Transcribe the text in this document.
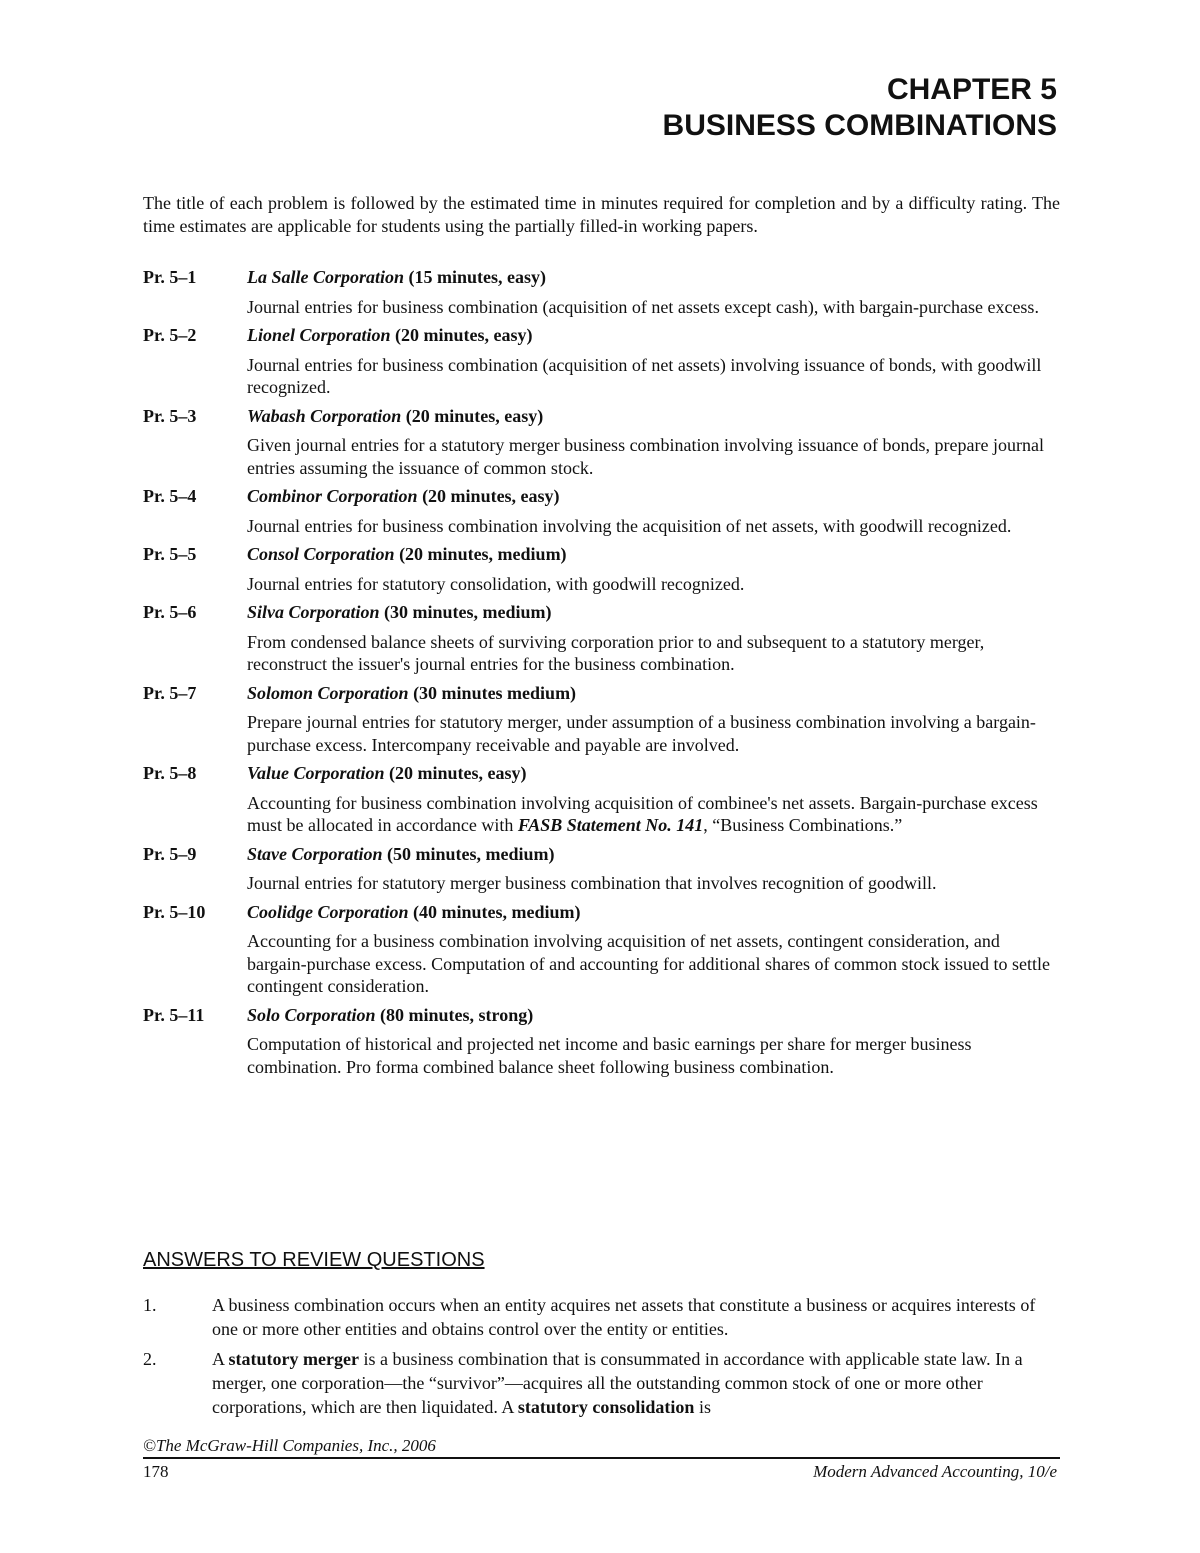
CHAPTER 5
BUSINESS COMBINATIONS
The title of each problem is followed by the estimated time in minutes required for completion and by a difficulty rating. The time estimates are applicable for students using the partially filled-in working papers.
Pr. 5–1	La Salle Corporation (15 minutes, easy)
Journal entries for business combination (acquisition of net assets except cash), with bargain-purchase excess.
Pr. 5–2	Lionel Corporation (20 minutes, easy)
Journal entries for business combination (acquisition of net assets) involving issuance of bonds, with goodwill recognized.
Pr. 5–3	Wabash Corporation (20 minutes, easy)
Given journal entries for a statutory merger business combination involving issuance of bonds, prepare journal entries assuming the issuance of common stock.
Pr. 5–4	Combinor Corporation (20 minutes, easy)
Journal entries for business combination involving the acquisition of net assets, with goodwill recognized.
Pr. 5–5	Consol Corporation (20 minutes, medium)
Journal entries for statutory consolidation, with goodwill recognized.
Pr. 5–6	Silva Corporation (30 minutes, medium)
From condensed balance sheets of surviving corporation prior to and subsequent to a statutory merger, reconstruct the issuer's journal entries for the business combination.
Pr. 5–7	Solomon Corporation (30 minutes medium)
Prepare journal entries for statutory merger, under assumption of a business combination involving a bargain-purchase excess. Intercompany receivable and payable are involved.
Pr. 5–8	Value Corporation (20 minutes, easy)
Accounting for business combination involving acquisition of combinee's net assets. Bargain-purchase excess must be allocated in accordance with FASB Statement No. 141, “Business Combinations.”
Pr. 5–9	Stave Corporation (50 minutes, medium)
Journal entries for statutory merger business combination that involves recognition of goodwill.
Pr. 5–10 Coolidge Corporation (40 minutes, medium)
Accounting for a business combination involving acquisition of net assets, contingent consideration, and bargain-purchase excess. Computation of and accounting for additional shares of common stock issued to settle contingent consideration.
Pr. 5–11 Solo Corporation (80 minutes, strong)
Computation of historical and projected net income and basic earnings per share for merger business combination. Pro forma combined balance sheet following business combination.
ANSWERS TO REVIEW QUESTIONS
1.	A business combination occurs when an entity acquires net assets that constitute a business or acquires interests of one or more other entities and obtains control over the entity or entities.
2.	A statutory merger is a business combination that is consummated in accordance with applicable state law. In a merger, one corporation—the “survivor”—acquires all the outstanding common stock of one or more other corporations, which are then liquidated. A statutory consolidation is
©The McGraw-Hill Companies, Inc., 2006
178	Modern Advanced Accounting, 10/e
